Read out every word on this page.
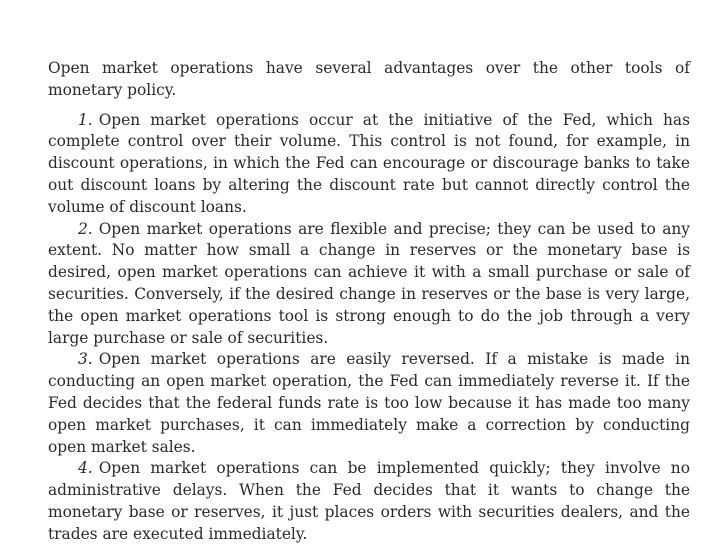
Open market operations have several advantages over the other tools of monetary policy.

1. Open market operations occur at the initiative of the Fed, which has complete control over their volume. This control is not found, for example, in discount operations, in which the Fed can encourage or discourage banks to take out discount loans by altering the discount rate but cannot directly control the volume of discount loans.

2. Open market operations are flexible and precise; they can be used to any extent. No matter how small a change in reserves or the monetary base is desired, open market operations can achieve it with a small purchase or sale of securities. Conversely, if the desired change in reserves or the base is very large, the open market operations tool is strong enough to do the job through a very large purchase or sale of securities.

3. Open market operations are easily reversed. If a mistake is made in conducting an open market operation, the Fed can immediately reverse it. If the Fed decides that the federal funds rate is too low because it has made too many open market purchases, it can immediately make a correction by conducting open market sales.

4. Open market operations can be implemented quickly; they involve no administrative delays. When the Fed decides that it wants to change the monetary base or reserves, it just places orders with securities dealers, and the trades are executed immediately.
